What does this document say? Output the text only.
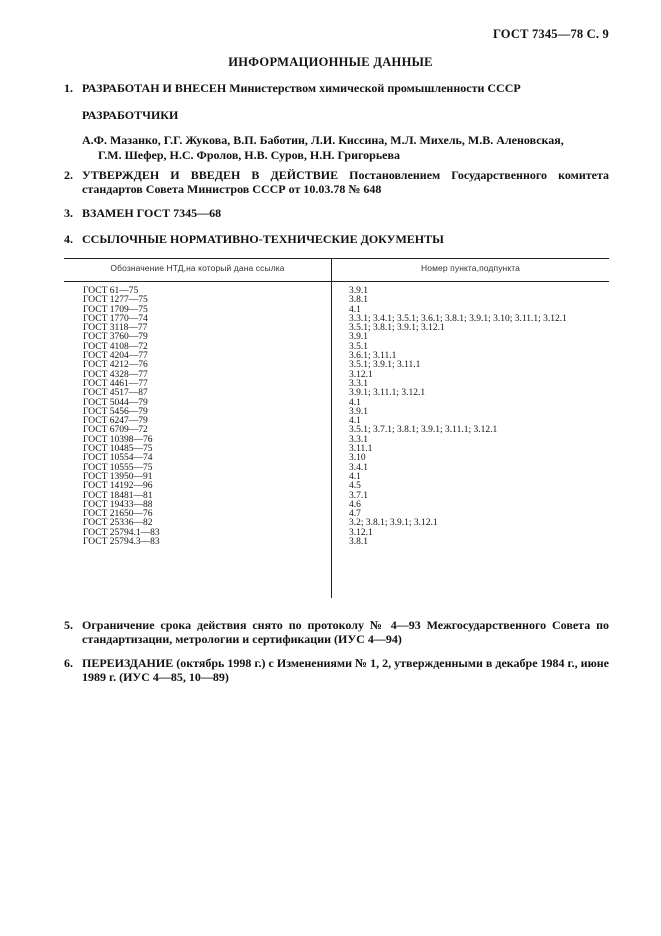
ГОСТ 7345—78 С. 9
ИНФОРМАЦИОННЫЕ ДАННЫЕ
1. РАЗРАБОТАН И ВНЕСЕН Министерством химической промышленности СССР
РАЗРАБОТЧИКИ
А.Ф. Мазанко, Г.Г. Жукова, В.П. Баботин, Л.И. Киссина, М.Л. Михель, М.В. Аленовская,
Г.М. Шефер, Н.С. Фролов, Н.В. Суров, Н.Н. Григорьева
2. УТВЕРЖДЕН И ВВЕДЕН В ДЕЙСТВИЕ Постановлением Государственного комитета стандартов Совета Министров СССР от 10.03.78 № 648
3. ВЗАМЕН ГОСТ 7345—68
4. ССЫЛОЧНЫЕ НОРМАТИВНО-ТЕХНИЧЕСКИЕ ДОКУМЕНТЫ
Обозначение НТД,на который дана ссылка	Номер пункта,подпункта
ГОСТ 61—75	3.9.1
ГОСТ 1277—75	3.8.1
ГОСТ 1709—75	4.1
ГОСТ 1770—74	3.3.1; 3.4.1; 3.5.1; 3.6.1; 3.8.1; 3.9.1; 3.10; 3.11.1; 3.12.1
ГОСТ 3118—77	3.5.1; 3.8.1; 3.9.1; 3.12.1
ГОСТ 3760—79	3.9.1
ГОСТ 4108—72	3.5.1
ГОСТ 4204—77	3.6.1; 3.11.1
ГОСТ 4212—76	3.5.1; 3.9.1; 3.11.1
ГОСТ 4328—77	3.12.1
ГОСТ 4461—77	3.3.1
ГОСТ 4517—87	3.9.1; 3.11.1; 3.12.1
ГОСТ 5044—79	4.1
ГОСТ 5456—79	3.9.1
ГОСТ 6247—79	4.1
ГОСТ 6709—72	3.5.1; 3.7.1; 3.8.1; 3.9.1; 3.11.1; 3.12.1
ГОСТ 10398—76	3.3.1
ГОСТ 10485—75	3.11.1
ГОСТ 10554—74	3.10
ГОСТ 10555—75	3.4.1
ГОСТ 13950—91	4.1
ГОСТ 14192—96	4.5
ГОСТ 18481—81	3.7.1
ГОСТ 19433—88	4.6
ГОСТ 21650—76	4.7
ГОСТ 25336—82	3.2; 3.8.1; 3.9.1; 3.12.1
ГОСТ 25794.1—83	3.12.1
ГОСТ 25794.3—83	3.8.1
5. Ограничение срока действия снято по протоколу № 4—93 Межгосударственного Совета по стандартизации, метрологии и сертификации (ИУС 4—94)
6. ПЕРЕИЗДАНИЕ (октябрь 1998 г.) с Изменениями № 1, 2, утвержденными в декабре 1984 г., июне 1989 г. (ИУС 4—85, 10—89)
